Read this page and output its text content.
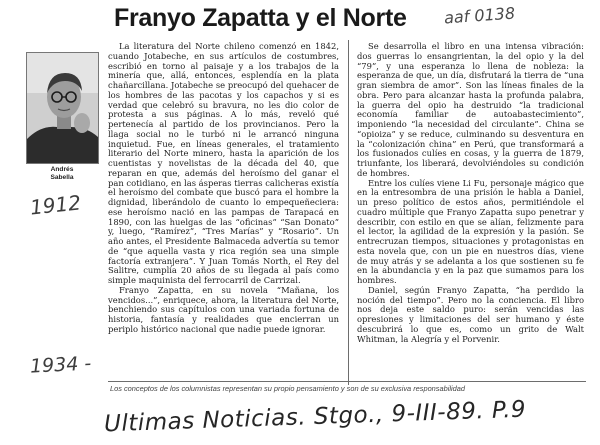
Franyo Zapatta y el Norte aaf 0138
Andrés
Sabella
1912
1934 -

La literatura del Norte chileno comenzó en 1842, cuando Jotabeche, en sus artículos de costumbres, escribió en torno al paisaje y a los trabajos de la minería que, allá, entonces, esplendía en la plata chañarcillana. Jotabeche se preocupó del quehacer de los hombres de las pacotas y los capachos y si es verdad que celebró su bravura, no les dio color de protesta a sus páginas. A lo más, reveló qué pertenecía al partido de los provincianos. Pero la llaga social no le turbó ni le arrancó ninguna inquietud. Fue, en líneas generales, el tratamiento literario del Norte minero, hasta la aparición de los cuentistas y novelistas de la década del 40, que reparan en que, además del heroísmo del ganar el pan cotidiano, en las ásperas tierras calicheras existía el heroísmo del combate que buscó para el hombre la dignidad, liberándolo de cuanto lo empequeñeciera: ese heroísmo nació en las pampas de Tarapacá en 1890, con las huelgas de las “oficinas” “San Donato” y, luego, “Ramírez”, “Tres Marías” y “Rosario”. Un año antes, el Presidente Balmaceda advertía su temor de “que aquella vasta y rica región sea una simple factoría extranjera”. Y Juan Tomás North, el Rey del Salitre, cumplía 20 años de su llegada al país como simple maquinista del ferrocarril de Carrizal.

Franyo Zapatta, en su novela “Mañana, los vencidos...”, enriquece, ahora, la literatura del Norte, benchiendo sus capítulos con una variada fortuna de historia, fantasía y realidades que encierran un periplo histórico nacional que nadie puede ignorar.

Se desarrolla el libro en una intensa vibración: dos guerras lo ensangrientan, la del opio y la del “79”, y una esperanza lo llena de nobleza: la esperanza de que, un día, disfrutará la tierra de “una gran siembra de amor”. Son las líneas finales de la obra. Pero para alcanzar hasta la profunda palabra, la guerra del opio ha destruido “la tradicional economía familiar de autoabastecimiento”, imponiendo “la necesidad del circulante”. China se “opioiza” y se reduce, culminando su desventura en la “colonización china” en Perú, que transformará a los fusionados culíes en cosas, y la guerra de 1879, triunfante, los liberará, devolviéndoles su condición de hombres.

Entre los culíes viene Li Fu, personaje mágico que en la entresombra de una prisión le habla a Daniel, un preso político de estos años, permitiéndole el cuadro múltiple que Franyo Zapatta supo penetrar y describir, con estilo en que se alían, felizmente para el lector, la agilidad de la expresión y la pasión. Se entrecruzan tiempos, situaciones y protagonistas en esta novela que, con un pie en nuestros días, viene de muy atrás y se adelanta a los que sostienen su fe en la abundancia y en la paz que sumamos para los hombres.

Daniel, según Franyo Zapatta, “ha perdido la noción del tiempo”. Pero no la conciencia. El libro nos deja este saldo puro: serán vencidas las opresiones y limitaciones del ser humano y éste descubrirá lo que es, como un grito de Walt Whitman, la Alegría y el Porvenir.

Los conceptos de los columnistas representan su propio pensamiento y son de su exclusiva responsabilidad
Ultimas Noticias. Stgo., 9-III-89. P.9
